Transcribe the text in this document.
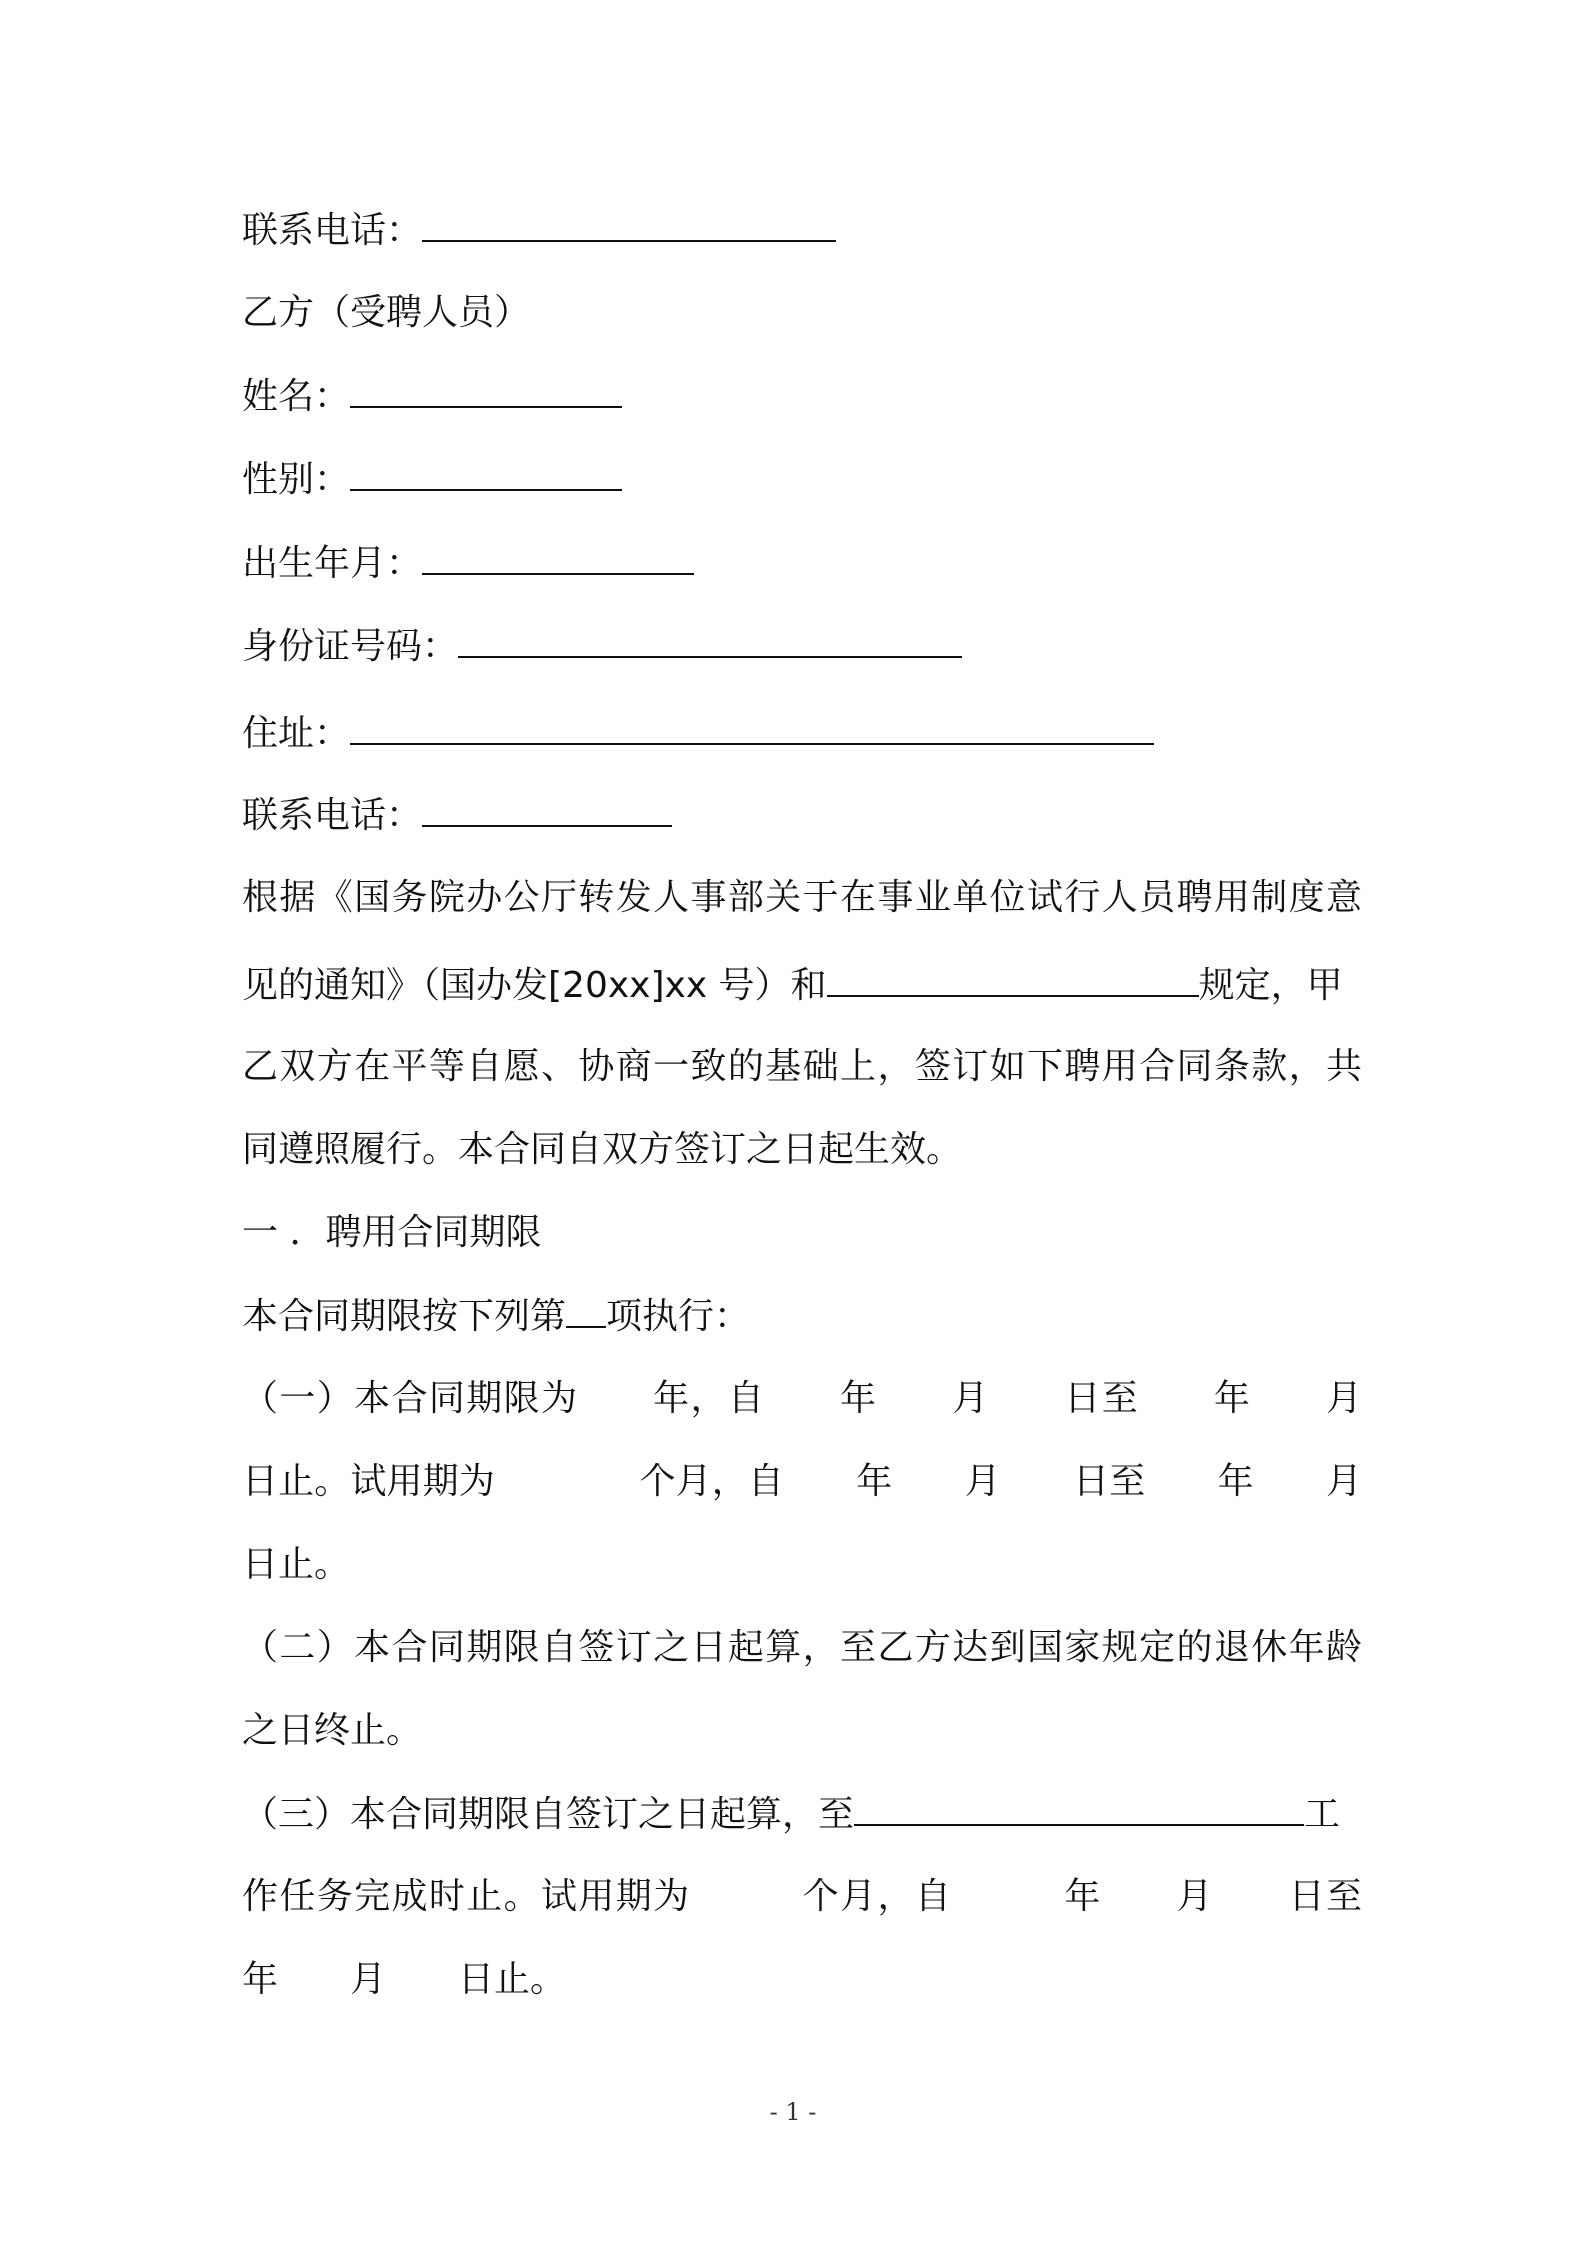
联系电话：
乙方（受聘人员）
姓名：
性别：
出生年月：
身份证号码：
住址：
联系电话：
根据《国务院办公厅转发人事部关于在事业单位试行人员聘用制度意
见的通知》（国办发[20xx]xx 号）和	规定，甲
乙双方在平等自愿、协商一致的基础上，签订如下聘用合同条款，共
同遵照履行。本合同自双方签订之日起生效。
一 ．聘用合同期限
本合同期限按下列第 项执行：
（一）本合同期限为　　年，自　　年　　月　　日至　　年　　月
日止。试用期为　　　　个月，自　　年　　月　　日至　　年　　月
日止。
（二）本合同期限自签订之日起算，至乙方达到国家规定的退休年龄
之日终止。
（三）本合同期限自签订之日起算，至	工
作任务完成时止。试用期为　　　个月，自　　　年　　月　　日至
年　　月　　日止。
- 1 -
